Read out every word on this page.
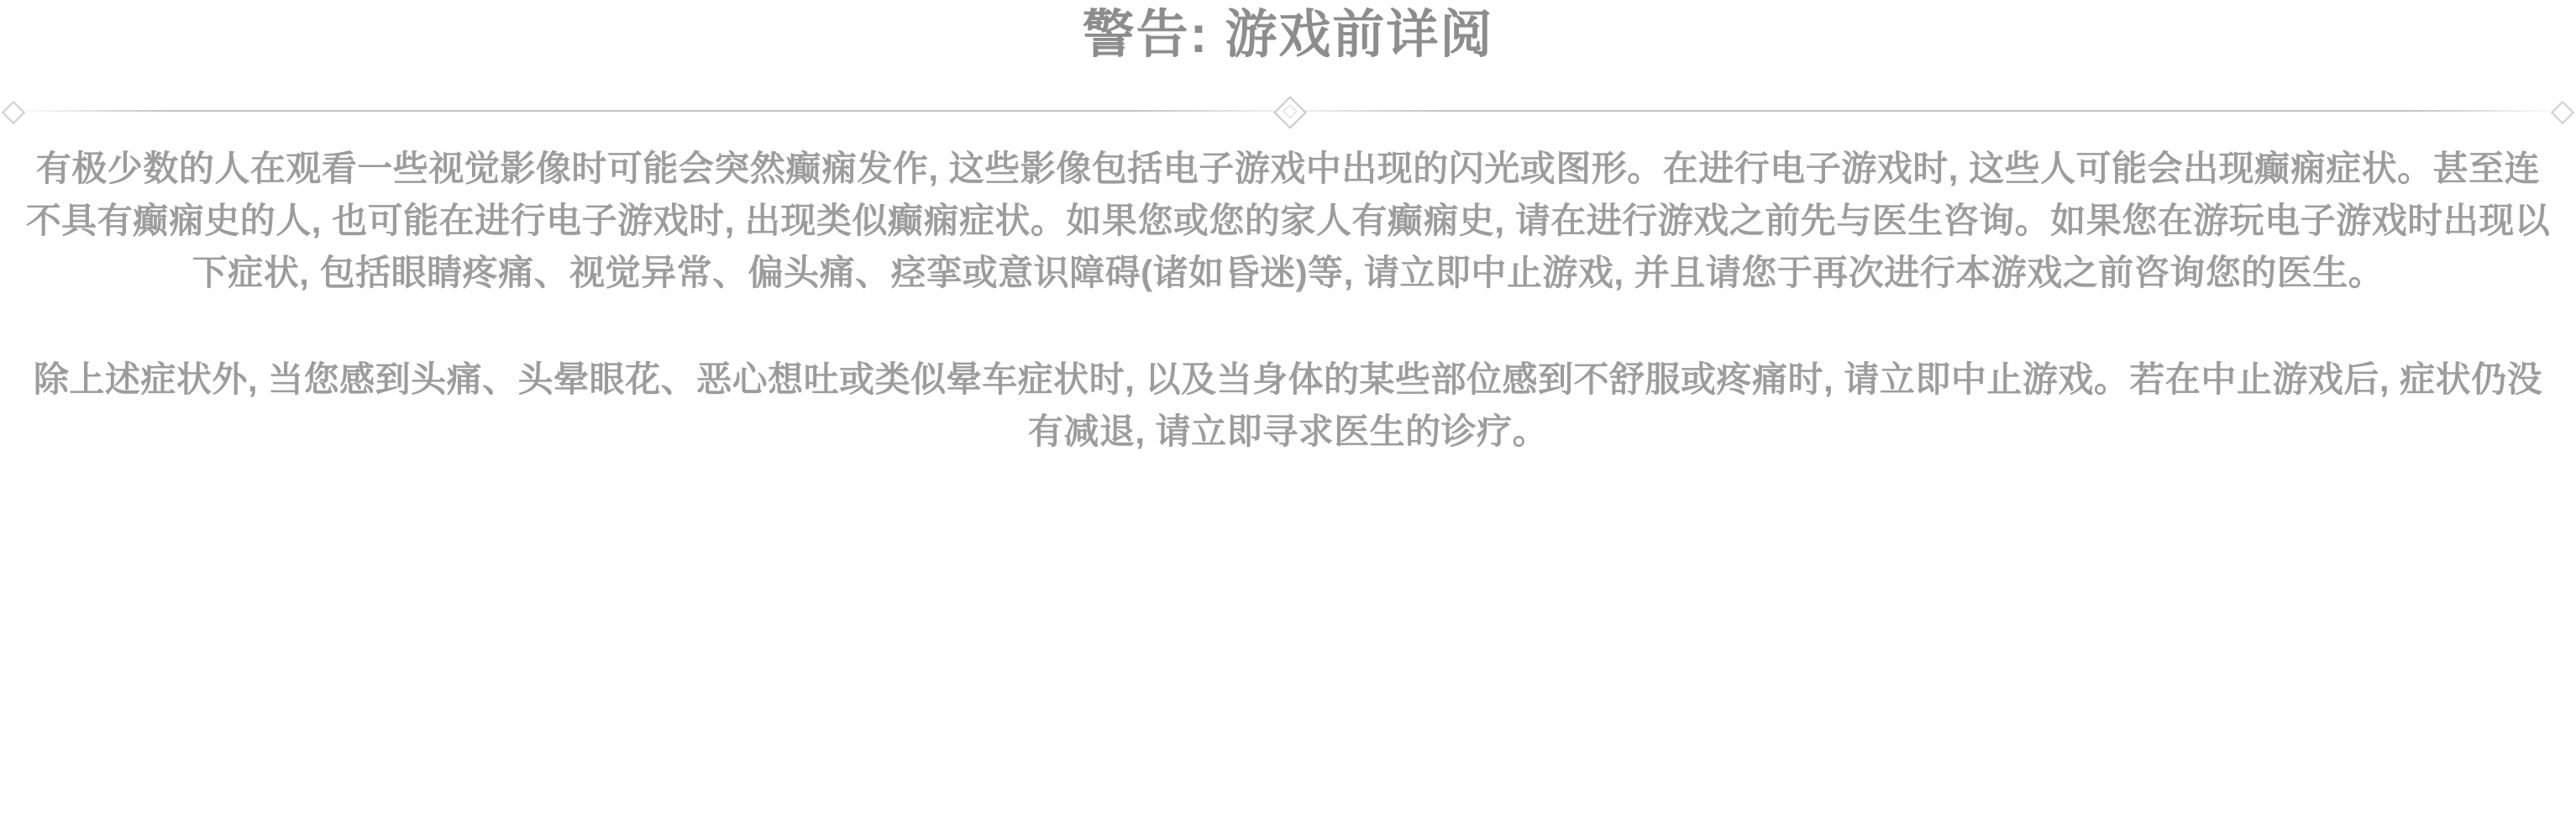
警告: 游戏前详阅

有极少数的人在观看一些视觉影像时可能会突然癫痫发作, 这些影像包括电子游戏中出现的闪光或图形。在进行电子游戏时, 这些人可能会出现癫痫症状。甚至连不具有癫痫史的人, 也可能在进行电子游戏时, 出现类似癫痫症状。如果您或您的家人有癫痫史, 请在进行游戏之前先与医生咨询。如果您在游玩电子游戏时出现以下症状, 包括眼睛疼痛、视觉异常、偏头痛、痉挛或意识障碍(诸如昏迷)等, 请立即中止游戏, 并且请您于再次进行本游戏之前咨询您的医生。

除上述症状外, 当您感到头痛、头晕眼花、恶心想吐或类似晕车症状时, 以及当身体的某些部位感到不舒服或疼痛时, 请立即中止游戏。若在中止游戏后, 症状仍没有减退, 请立即寻求医生的诊疗。
